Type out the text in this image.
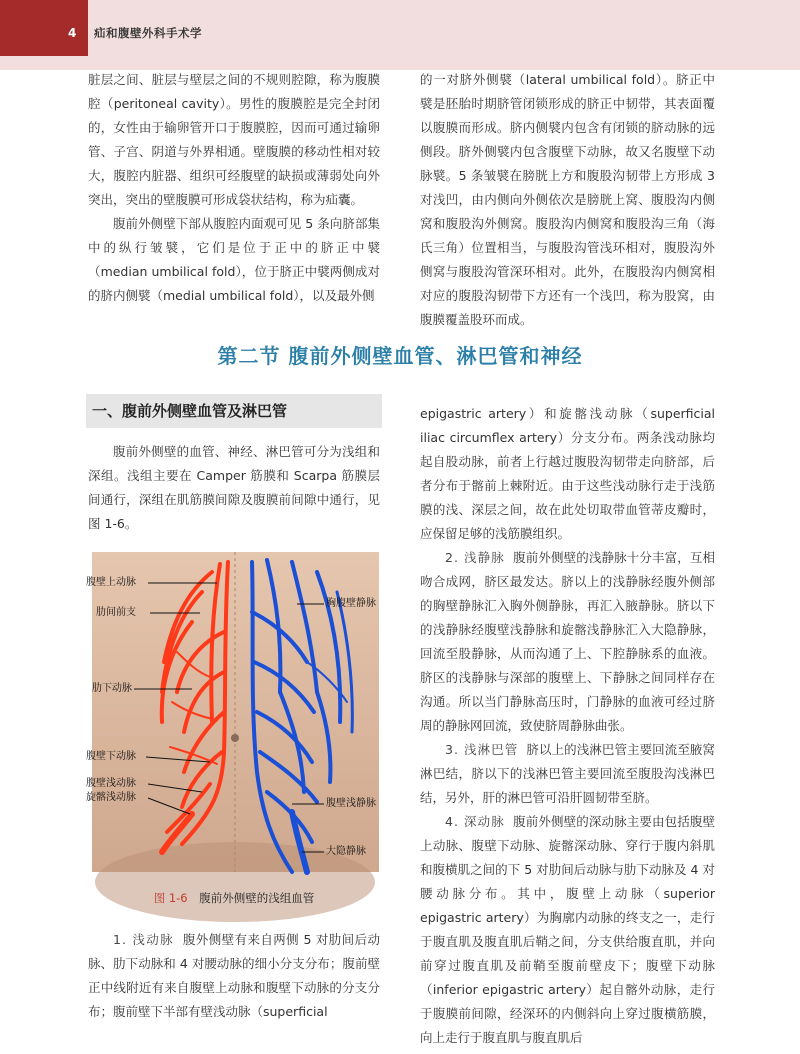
4 疝和腹壁外科手术学

脏层之间、脏层与壁层之间的不规则腔隙，称为腹膜腔（peritoneal cavity）。男性的腹膜腔是完全封闭的，女性由于输卵管开口于腹膜腔，因而可通过输卵管、子宫、阴道与外界相通。壁腹膜的移动性相对较大，腹腔内脏器、组织可经腹壁的缺损或薄弱处向外突出，突出的壁腹膜可形成袋状结构，称为疝囊。

腹前外侧壁下部从腹腔内面观可见 5 条向脐部集中的纵行皱襞，它们是位于正中的脐正中襞（median umbilical fold），位于脐正中襞两侧成对的脐内侧襞（medial umbilical fold），以及最外侧

的一对脐外侧襞（lateral umbilical fold）。脐正中襞是胚胎时期脐管闭锁形成的脐正中韧带，其表面覆以腹膜而形成。脐内侧襞内包含有闭锁的脐动脉的远侧段。脐外侧襞内包含腹壁下动脉，故又名腹壁下动脉襞。5 条皱襞在膀胱上方和腹股沟韧带上方形成 3 对浅凹，由内侧向外侧依次是膀胱上窝、腹股沟内侧窝和腹股沟外侧窝。腹股沟内侧窝和腹股沟三角（海氏三角）位置相当，与腹股沟管浅环相对，腹股沟外侧窝与腹股沟管深环相对。此外，在腹股沟内侧窝相对应的腹股沟韧带下方还有一个浅凹，称为股窝，由腹膜覆盖股环而成。

第二节 腹前外侧壁血管、淋巴管和神经
一、腹前外侧壁血管及淋巴管

腹前外侧壁的血管、神经、淋巴管可分为浅组和深组。浅组主要在 Camper 筋膜和 Scarpa 筋膜层间通行，深组在肌筋膜间隙及腹膜前间隙中通行，见图 1-6。

腹壁上动脉
肋间前支
肋下动脉
腹壁下动脉
腹壁浅动脉
旋髂浅动脉
胸腹壁静脉
腹壁浅静脉
大隐静脉
图 1-6 腹前外侧壁的浅组血管

1. 浅动脉 腹外侧壁有来自两侧 5 对肋间后动脉、肋下动脉和 4 对腰动脉的细小分支分布；腹前壁正中线附近有来自腹壁上动脉和腹壁下动脉的分支分布；腹前壁下半部有壁浅动脉（superficial

epigastric artery）和旋髂浅动脉（superficial iliac circumflex artery）分支分布。两条浅动脉均起自股动脉，前者上行越过腹股沟韧带走向脐部，后者分布于髂前上棘附近。由于这些浅动脉行走于浅筋膜的浅、深层之间，故在此处切取带血管蒂皮瓣时，应保留足够的浅筋膜组织。

2. 浅静脉 腹前外侧壁的浅静脉十分丰富，互相吻合成网，脐区最发达。脐以上的浅静脉经腹外侧部的胸壁静脉汇入胸外侧静脉，再汇入腋静脉。脐以下的浅静脉经腹壁浅静脉和旋髂浅静脉汇入大隐静脉，回流至股静脉，从而沟通了上、下腔静脉系的血液。脐区的浅静脉与深部的腹壁上、下静脉之间同样存在沟通。所以当门静脉高压时，门静脉的血液可经过脐周的静脉网回流，致使脐周静脉曲张。

3. 浅淋巴管 脐以上的浅淋巴管主要回流至腋窝淋巴结，脐以下的浅淋巴管主要回流至腹股沟浅淋巴结，另外，肝的淋巴管可沿肝圆韧带至脐。

4. 深动脉 腹前外侧壁的深动脉主要由包括腹壁上动脉、腹壁下动脉、旋髂深动脉、穿行于腹内斜肌和腹横肌之间的下 5 对肋间后动脉与肋下动脉及 4 对腰动脉分布。其中，腹壁上动脉（superior epigastric artery）为胸廓内动脉的终支之一，走行于腹直肌及腹直肌后鞘之间，分支供给腹直肌，并向前穿过腹直肌及前鞘至腹前壁皮下；腹壁下动脉（inferior epigastric artery）起自髂外动脉，走行于腹膜前间隙，经深环的内侧斜向上穿过腹横筋膜，向上走行于腹直肌与腹直肌后
